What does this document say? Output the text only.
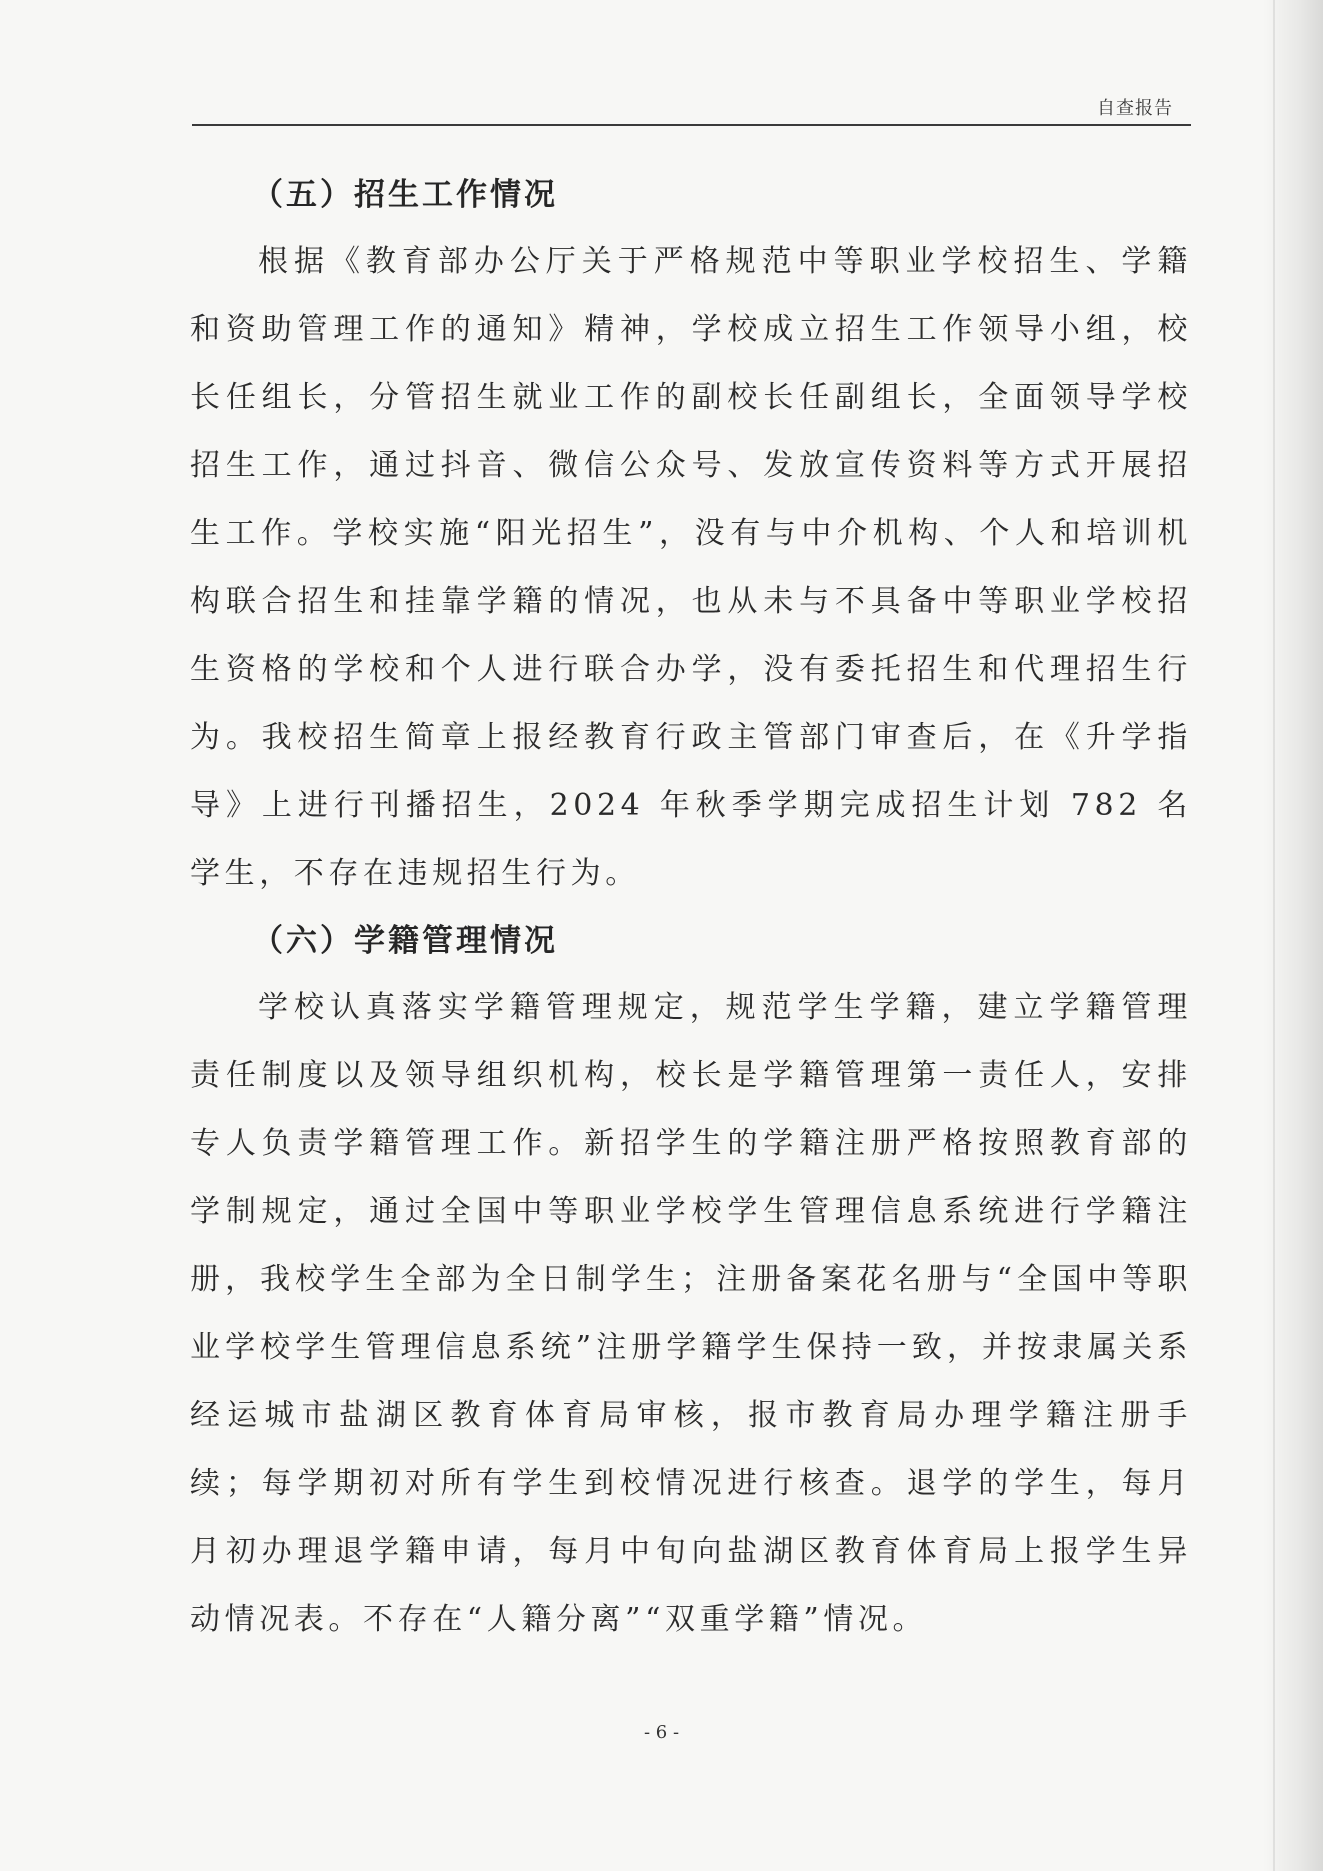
自查报告
（五）招生工作情况

根据《教育部办公厅关于严格规范中等职业学校招生、学籍和资助管理工作的通知》精神，学校成立招生工作领导小组，校长任组长，分管招生就业工作的副校长任副组长，全面领导学校招生工作，通过抖音、微信公众号、发放宣传资料等方式开展招生工作。学校实施“阳光招生”，没有与中介机构、个人和培训机构联合招生和挂靠学籍的情况，也从未与不具备中等职业学校招生资格的学校和个人进行联合办学，没有委托招生和代理招生行为。我校招生简章上报经教育行政主管部门审查后，在《升学指导》上进行刊播招生，2024 年秋季学期完成招生计划 782 名学生，不存在违规招生行为。

（六）学籍管理情况

学校认真落实学籍管理规定，规范学生学籍，建立学籍管理责任制度以及领导组织机构，校长是学籍管理第一责任人，安排专人负责学籍管理工作。新招学生的学籍注册严格按照教育部的学制规定，通过全国中等职业学校学生管理信息系统进行学籍注册，我校学生全部为全日制学生；注册备案花名册与“全国中等职业学校学生管理信息系统”注册学籍学生保持一致，并按隶属关系经运城市盐湖区教育体育局审核，报市教育局办理学籍注册手续；每学期初对所有学生到校情况进行核查。退学的学生，每月月初办理退学籍申请，每月中旬向盐湖区教育体育局上报学生异动情况表。不存在“人籍分离”“双重学籍”情况。

- 6 -
